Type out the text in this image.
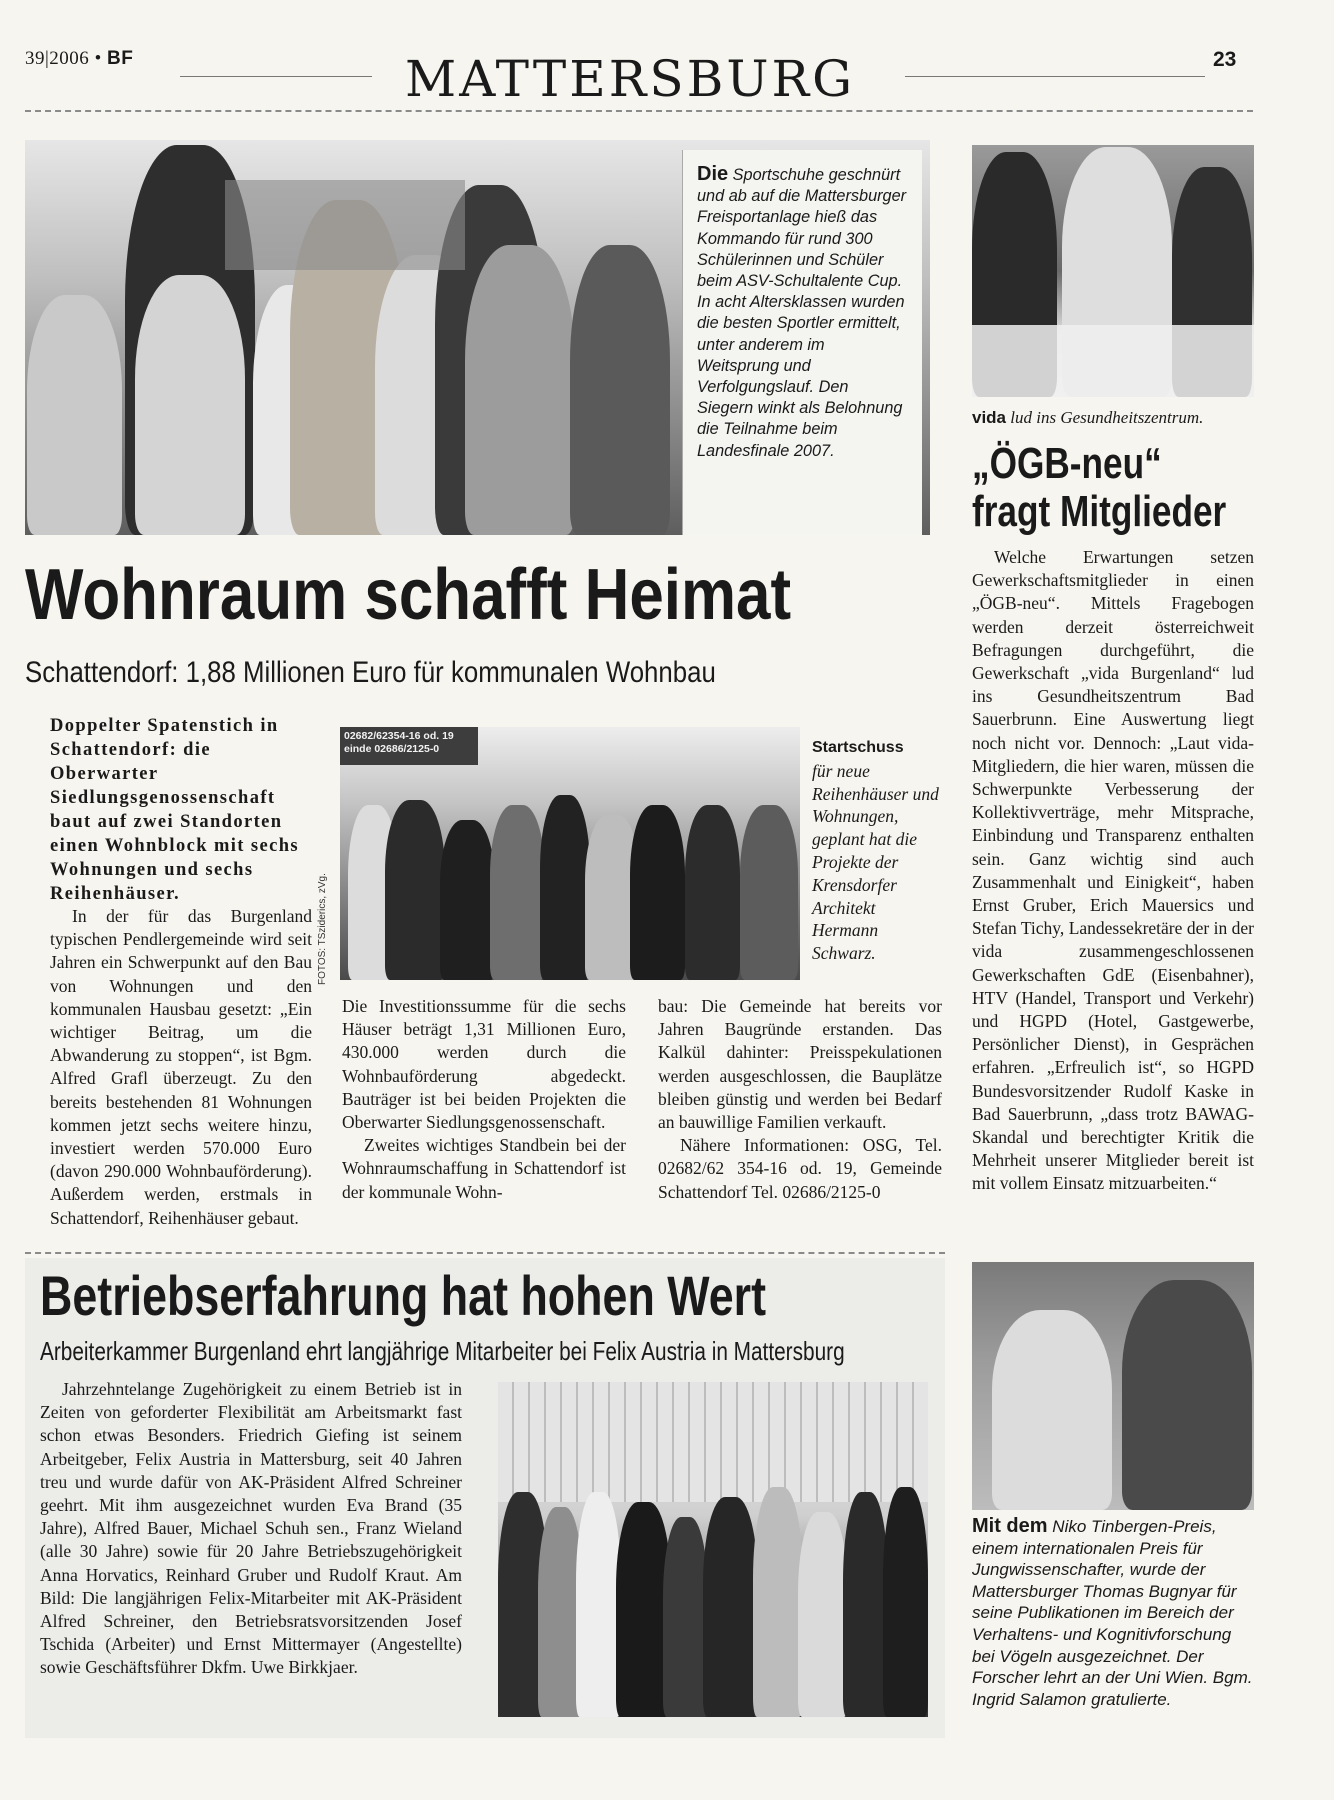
39|2006 • BF	MATTERSBURG	23
Die Sportschuhe geschnürt und ab auf die Mattersburger Freisportanlage hieß das Kommando für rund 300 Schülerinnen und Schüler beim ASV-Schultalente Cup. In acht Altersklassen wurden die besten Sportler ermittelt, unter anderem im Weitsprung und Verfolgungslauf. Den Siegern winkt als Belohnung die Teilnahme beim Landesfinale 2007.
Wohnraum schafft Heimat
Schattendorf: 1,88 Millionen Euro für kommunalen Wohnbau

Doppelter Spatenstich in Schattendorf: die Oberwarter Siedlungsgenossenschaft baut auf zwei Standorten einen Wohnblock mit sechs Wohnungen und sechs Reihenhäuser.

In der für das Burgenland typischen Pendlergemeinde wird seit Jahren ein Schwerpunkt auf den Bau von Wohnungen und den kommunalen Hausbau gesetzt: „Ein wichtiger Beitrag, um die Abwanderung zu stoppen“, ist Bgm. Alfred Grafl überzeugt. Zu den bereits bestehenden 81 Wohnungen kommen jetzt sechs weitere hinzu, investiert werden 570.000 Euro (davon 290.000 Wohnbauförderung). Außerdem werden, erstmals in Schattendorf, Reihenhäuser gebaut.

02682/62354-16 od. 19
einde 02686/2125-0
FOTOS: TSziderics, zVg.
Startschuss
für neue Reihenhäuser und Wohnungen, geplant hat die Projekte der Krensdorfer Architekt Hermann Schwarz.

Die Investitionssumme für die sechs Häuser beträgt 1,31 Millionen Euro, 430.000 werden durch die Wohnbauförderung abgedeckt. Bauträger ist bei beiden Projekten die Oberwarter Siedlungsgenossenschaft.

Zweites wichtiges Standbein bei der Wohnraumschaffung in Schattendorf ist der kommunale Wohn-

bau: Die Gemeinde hat bereits vor Jahren Baugründe erstanden. Das Kalkül dahinter: Preisspekulationen werden ausgeschlossen, die Bauplätze bleiben günstig und werden bei Bedarf an bauwillige Familien verkauft.

Nähere Informationen: OSG, Tel. 02682/62 354-16 od. 19, Gemeinde Schattendorf Tel. 02686/2125-0

vida lud ins Gesundheitszentrum.
„ÖGB-neu“
fragt Mitglieder

Welche Erwartungen setzen Gewerkschaftsmitglieder in einen „ÖGB-neu“. Mittels Fragebogen werden derzeit österreichweit Befragungen durchgeführt, die Gewerkschaft „vida Burgenland“ lud ins Gesundheitszentrum Bad Sauerbrunn. Eine Auswertung liegt noch nicht vor. Dennoch: „Laut vida-Mitgliedern, die hier waren, müssen die Schwerpunkte Verbesserung der Kollektivverträge, mehr Mitsprache, Einbindung und Transparenz enthalten sein. Ganz wichtig sind auch Zusammenhalt und Einigkeit“, haben Ernst Gruber, Erich Mauersics und Stefan Tichy, Landessekretäre der in der vida zusammengeschlossenen Gewerkschaften GdE (Eisenbahner), HTV (Handel, Transport und Verkehr) und HGPD (Hotel, Gastgewerbe, Persönlicher Dienst), in Gesprächen erfahren. „Erfreulich ist“, so HGPD Bundesvorsitzender Rudolf Kaske in Bad Sauerbrunn, „dass trotz BAWAG-Skandal und berechtigter Kritik die Mehrheit unserer Mitglieder bereit ist mit vollem Einsatz mitzuarbeiten.“

Betriebserfahrung hat hohen Wert
Arbeiterkammer Burgenland ehrt langjährige Mitarbeiter bei Felix Austria in Mattersburg

Jahrzehntelange Zugehörigkeit zu einem Betrieb ist in Zeiten von geforderter Flexibilität am Arbeitsmarkt fast schon etwas Besonders. Friedrich Giefing ist seinem Arbeitgeber, Felix Austria in Mattersburg, seit 40 Jahren treu und wurde dafür von AK-Präsident Alfred Schreiner geehrt. Mit ihm ausgezeichnet wurden Eva Brand (35 Jahre), Alfred Bauer, Michael Schuh sen., Franz Wieland (alle 30 Jahre) sowie für 20 Jahre Betriebszugehörigkeit Anna Horvatics, Reinhard Gruber und Rudolf Kraut. Am Bild: Die langjährigen Felix-Mitarbeiter mit AK-Präsident Alfred Schreiner, den Betriebsratsvorsitzenden Josef Tschida (Arbeiter) und Ernst Mittermayer (Angestellte) sowie Geschäftsführer Dkfm. Uwe Birkkjaer.

Mit dem Niko Tinbergen-Preis, einem internationalen Preis für Jungwissenschafter, wurde der Mattersburger Thomas Bugnyar für seine Publikationen im Bereich der Verhaltens- und Kognitivforschung bei Vögeln ausgezeichnet. Der Forscher lehrt an der Uni Wien. Bgm. Ingrid Salamon gratulierte.
